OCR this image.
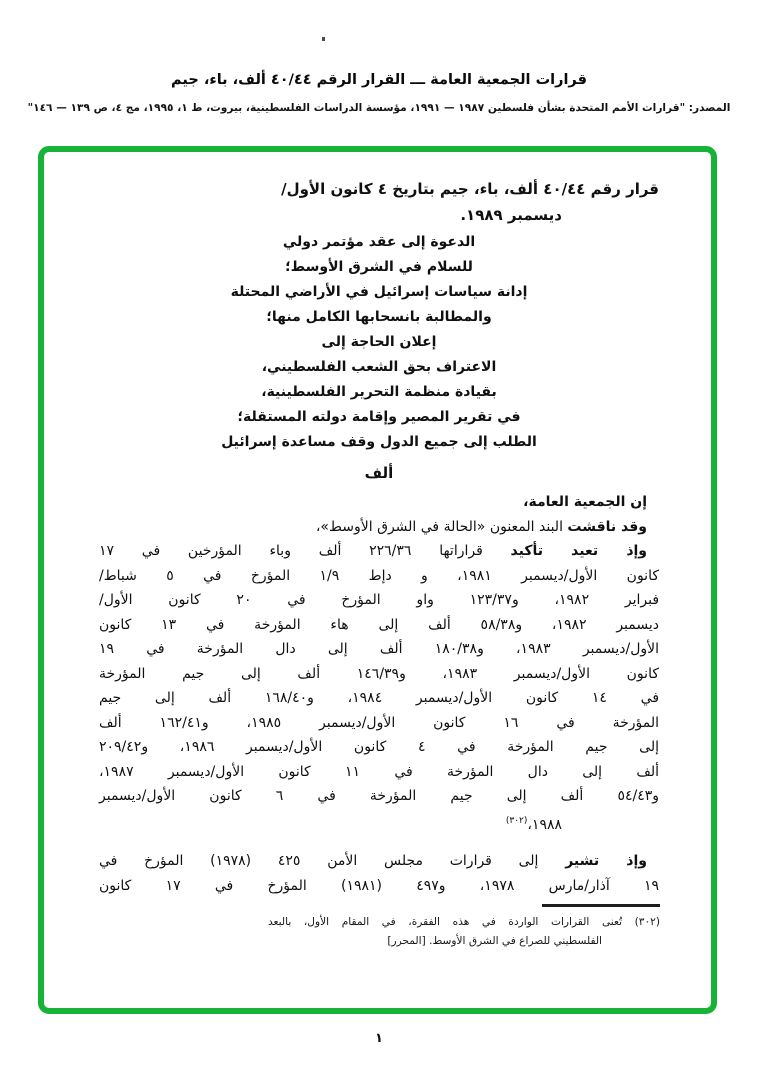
قرارات الجمعية العامة ـــ القرار الرقم ٤٠/٤٤ ألف، باء، جيم
المصدر: "قرارات الأمم المتحدة بشأن فلسطين ١٩٨٧ — ١٩٩١، مؤسسة الدراسات الفلسطينية، بيروت، ط ١، ١٩٩٥، مج ٤، ص ١٣٩ — ١٤٦"
قرار رقم ٤٠/٤٤ ألف، باء، جيم بتاريخ ٤ كانون الأول/
ديسمبر ١٩٨٩.
الدعوة إلى عقد مؤتمر دولي
للسلام في الشرق الأوسط؛
إدانة سياسات إسرائيل في الأراضي المحتلة
والمطالبة بانسحابها الكامل منها؛
إعلان الحاجة إلى
الاعتراف بحق الشعب الفلسطيني،
بقيادة منظمة التحرير الفلسطينية،
في تقرير المصير وإقامة دولته المستقلة؛
الطلب إلى جميع الدول وقف مساعدة إسرائيل
ألف
إن الجمعية العامة،
وقد ناقشت البند المعنون «الحالة في الشرق الأوسط»،
وإذ تعيد تأكيد قراراتها ٢٢٦/٣٦ ألف وباء المؤرخين في ١٧
كانون الأول/ديسمبر ١٩٨١، و دإط ١/٩ المؤرخ في ٥ شباط/
فبراير ١٩٨٢، و١٢٣/٣٧ واو المؤرخ في ٢٠ كانون الأول/
ديسمبر ١٩٨٢، و٥٨/٣٨ ألف إلى هاء المؤرخة في ١٣ كانون
الأول/ديسمبر ١٩٨٣، و١٨٠/٣٨ ألف إلى دال المؤرخة في ١٩
كانون الأول/ديسمبر ١٩٨٣، و١٤٦/٣٩ ألف إلى جيم المؤرخة
في ١٤ كانون الأول/ديسمبر ١٩٨٤، و١٦٨/٤٠ ألف إلى جيم
المؤرخة في ١٦ كانون الأول/ديسمبر ١٩٨٥، و١٦٢/٤١ ألف
إلى جيم المؤرخة في ٤ كانون الأول/ديسمبر ١٩٨٦، و٢٠٩/٤٢
ألف إلى دال المؤرخة في ١١ كانون الأول/ديسمبر ١٩٨٧،
و٥٤/٤٣ ألف إلى جيم المؤرخة في ٦ كانون الأول/ديسمبر
١٩٨٨،$^{(٣٠٢)}$
وإذ تشير إلى قرارات مجلس الأمن ٤٢٥ (١٩٧٨) المؤرخ في
١٩ آذار/مارس ١٩٧٨، و٤٩٧ (١٩٨١) المؤرخ في ١٧ كانون
(٣٠٢) تُعنى القرارات الواردة في هذه الفقرة، في المقام الأول، بالبعد
الفلسطيني للصراع في الشرق الأوسط. [المحرر]
١
